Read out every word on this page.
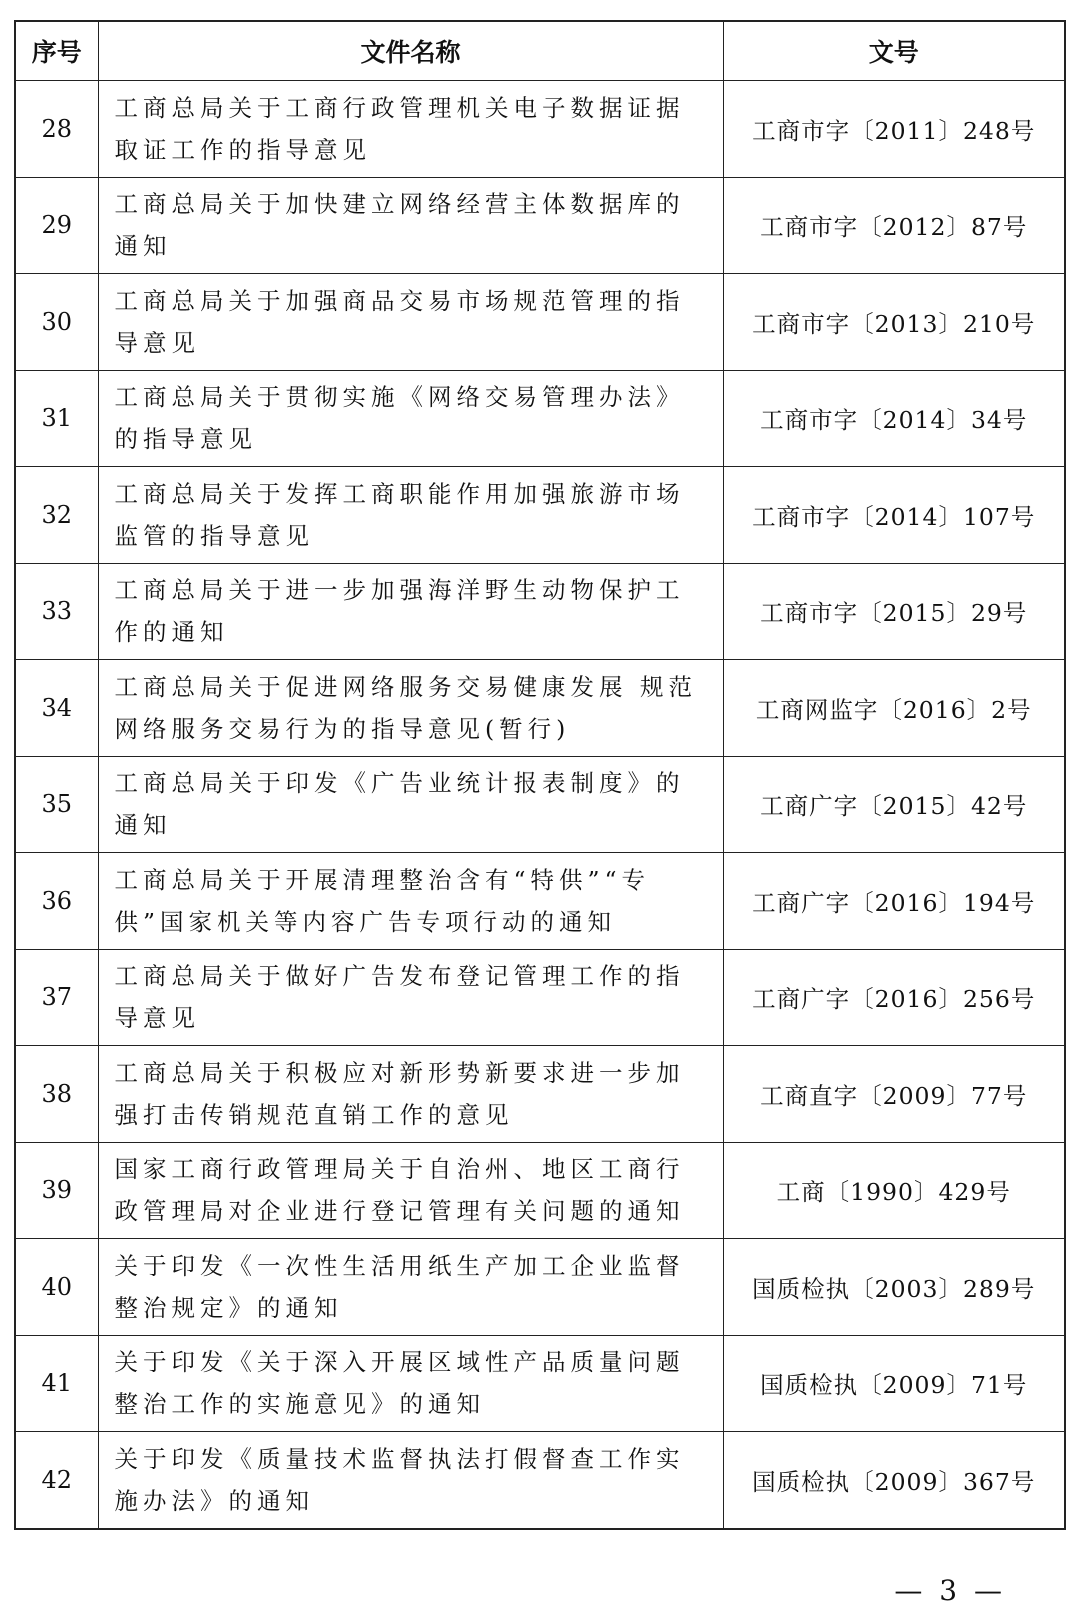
序号	文件名称	文号
28	工商总局关于工商行政管理机关电子数据证据取证工作的指导意见	工商市字〔2011〕248号
29	工商总局关于加快建立网络经营主体数据库的通知	工商市字〔2012〕87号
30	工商总局关于加强商品交易市场规范管理的指导意见	工商市字〔2013〕210号
31	工商总局关于贯彻实施《网络交易管理办法》的指导意见	工商市字〔2014〕34号
32	工商总局关于发挥工商职能作用加强旅游市场监管的指导意见	工商市字〔2014〕107号
33	工商总局关于进一步加强海洋野生动物保护工作的通知	工商市字〔2015〕29号
34	工商总局关于促进网络服务交易健康发展 规范网络服务交易行为的指导意见(暂行)	工商网监字〔2016〕2号
35	工商总局关于印发《广告业统计报表制度》的通知	工商广字〔2015〕42号
36	工商总局关于开展清理整治含有“特供”“专供”国家机关等内容广告专项行动的通知	工商广字〔2016〕194号
37	工商总局关于做好广告发布登记管理工作的指导意见	工商广字〔2016〕256号
38	工商总局关于积极应对新形势新要求进一步加强打击传销规范直销工作的意见	工商直字〔2009〕77号
39	国家工商行政管理局关于自治州、地区工商行政管理局对企业进行登记管理有关问题的通知	工商〔1990〕429号
40	关于印发《一次性生活用纸生产加工企业监督整治规定》的通知	国质检执〔2003〕289号
41	关于印发《关于深入开展区域性产品质量问题整治工作的实施意见》的通知	国质检执〔2009〕71号
42	关于印发《质量技术监督执法打假督查工作实施办法》的通知	国质检执〔2009〕367号
— 3 —
